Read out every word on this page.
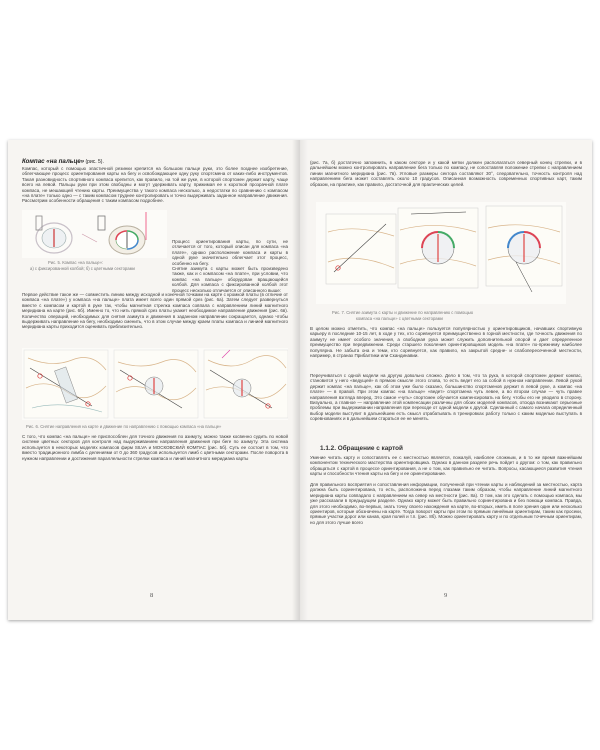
Компас «на пальце» (рис. 5).

Компас, который с помощью эластичной резинки крепится на большом пальце руки, это более позднее изобретение, облегчающее процесс ориентирования карты на бегу и освобождающее одну руку спортсмена от каких-либо инструментов. Такая разновидность спортивного компаса крепится, как правило, на той же руке, в которой спортсмен держит карту, чаще всего на левой. Пальцы руки при этом свободны и могут удерживать карту, прижимая ее к короткой прозрачной плате компаса, не мешающей чтению карты. Преимущества у такого компаса несколько, а недостатки по сравнению с компасом «на плате» только одно — с таким компасом труднее контролировать и точно выдерживать заданное направление движения. Рассмотрим особенности обращения с таким компасом подробнее.

Рис. 5. Компас «на пальце»:

а) с фиксированной колбой; б) с цветными секторами

Процесс ориентирования карты, по сути, не отличается от того, который описан для компаса «на плате», однако расположение компаса и карты в одной руке значительно облегчает этот процесс, особенно на бегу.
Снятие азимута с карты может быть произведено также, как и с компасом «на плате», при условии, что компас «на пальце» оборудован вращающейся колбой. Для компаса с фиксированной колбой этот процесс несколько отличается от описанного выше:

Первое действие такое же — совместить линию между исходной и конечной точками на карте с кромкой платы (в отличие от компаса «на плате») у компаса «на пальце» плата имеет всего один прямой срез (рис. 6а). Затем следует развернуться вместе с компасом и картой в руке так, чтобы магнитная стрелка компаса совпала с направлением линий магнитного меридиана на карте (рис. 6б). Именно то, что нить прямой срез платы укажет необходимое направление движения (рис. 6в). Количество операций, необходимых для снятия азимута и движения в заданном направлении сокращается, однако чтобы выдерживать направление на бегу, необходимо сменить, что в этом случае между краем платы компаса и линией магнитного меридиана карты приходится оценивать приблизительно.

Рис. 6. Снятие направления на карте и движение по направлению с помощью компаса «на пальце»

С того, что компас «на пальце» не приспособлен для точного движения по азимуту, можно также косвенно судить по новой системе цветных секторов для контроля над выдерживанием направления движения при беге по азимуту. Эта система используется в некоторых моделях компасов фирм SILVA и МОСКОВСКИЙ КОМПАС (рис. 5б). Суть ее состоит в том, что вместо традиционного лимба с делениями от 0 до 360 градусов используется лимб с цветными секторами. После поворота в нужном направлении и достижения параллельности стрелки компаса и линий магнитного меридиана карты

8

(рис. 7а, б) достаточно запомнить, в каком секторе и у какой метки должен располагаться северный конец стрелки, и в дальнейшем можно контролировать направление бега только по компасу, не сопоставляя положение стрелки с направлением линии магнитного меридиана (рис. 7в). Угловые размеры сектора составляют 30°, следовательно, точность контроля над направлением бега может составлять около 10 градусов. Описанная возможность современных спортивных карт, таким образом, на практике, как правило, достаточной для практических целей.

Рис. 7. Снятие азимута с карты и движение по направлению с помощью

компаса «на пальце» с цветными секторами

В целом можно отметить, что компас «на пальце» пользуется популярностью у ориентировщиков, начавших спортивную карьеру в последние 10-15 лет, в ходе у тех, кто соревнуется преимущественно в горной местности, где точность движения по азимуту не имеет особого значения, а свободная рука может служить дополнительной опорой и дает определенное преимущество при передвижении. Среди старшего поколения ориентировщиков модель «на плате» по-прежнему наиболее популярна. Не забыта она и теми, кто соревнуется, как правило, на закрытой средне- и слабопересеченной местности, например, в странах Прибалтики или Скандинавии.

Переучиваться с одной модели на другую довольно сложно. Дело в том, что та рука, в которой спортсмен держит компас, становится у него «ведущей» в прямом смысле этого слова, то есть ведет его за собой в нужном направлении. Левой рукой держит компас «на пальце», как об этом уже было сказано, большинство спортсменов держит в левой руке, а компас «на плате» — в правой. При этом компас «на пальце» «ведет» спортсмена чуть левее, а во втором случае — чуть правее направления взгляда вперед. Это самое «чуть» спортсмен обучается компенсировать на бегу, чтобы его не уводило в сторону. Визуально, а главное — направление этой компенсации различны для обоих моделей компасов, отсюда возникают серьезные проблемы при выдерживании направления при переходе от одной модели к другой. Сделанный с самого начала определенный выбор модели выступит в дальнейшем есть смысл отрабатывать в тренировках работу только с каким моделью выступать в соревнованиях и в дальнейшем стараться ее не менять.

1.1.2. Обращение с картой

Умение читать карту и сопоставлять ее с местностью является, пожалуй, наиболее сложным, и в то же время важнейшим компонентом технического мастерства ориентировщика. Однако в данном разделе речь пойдет о другом: о том, как правильно обращаться с картой в процессе ориентирования, а не о том, как правильно ее читать. Вопросы, касающиеся развития чтения карты и способности чтения карты на бегу и ее ориентирование.

Для правильного восприятия и сопоставления информации, полученной при чтении карты и наблюдений за местностью, карта должна быть сориентирована, то есть, расположена перед глазами таким образом, чтобы направление линий магнитного меридиана карты совпадало с направлением на север на местности (рис. 8а). О том, как это сделать с помощью компаса, мы уже рассказали в предыдущем разделе. Однако карту может быть правильно сориентирована и без помощи компаса. Правда, для этого необходимо, во-первых, знать точку своего нахождения на карте, во-вторых, иметь в поле зрения один или несколько ориентиров, которые обозначены на карте. Тогда поворот карты при этом по прямым линейным ориентирам, таким как просеки, прямые участки дорог или канав, края полей и т.п. (рис. 8б). Можно ориентировать карту и по отдельным точечным ориентирам, но для этого лучше всего

9
